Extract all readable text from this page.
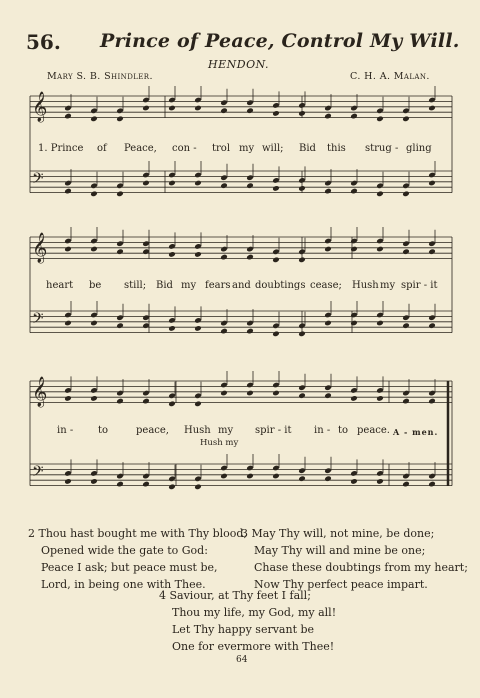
56. Prince of Peace, Control My Will.
HENDON.
Mary S. B. Shindler.	C. H. A. Malan.
𝄞
𝄢
𝄞
𝄢
𝄞
𝄢
1. Prince of Peace, con - trol my will; Bid this strug - gling
heart be still; Bid my fears and doubtings cease; Hush my spir - it
in - to	peace, Hush my spir - it in - to peace. A - men.
Hush my
2 Thou hast bought me with Thy blood,
Opened wide the gate to God:
Peace I ask; but peace must be,
Lord, in being one with Thee.
3 May Thy will, not mine, be done;
May Thy will and mine be one;
Chase these doubtings from my heart;
Now Thy perfect peace impart.
4 Saviour, at Thy feet I fall;
Thou my life, my God, my all!
Let Thy happy servant be
One for evermore with Thee!
64
